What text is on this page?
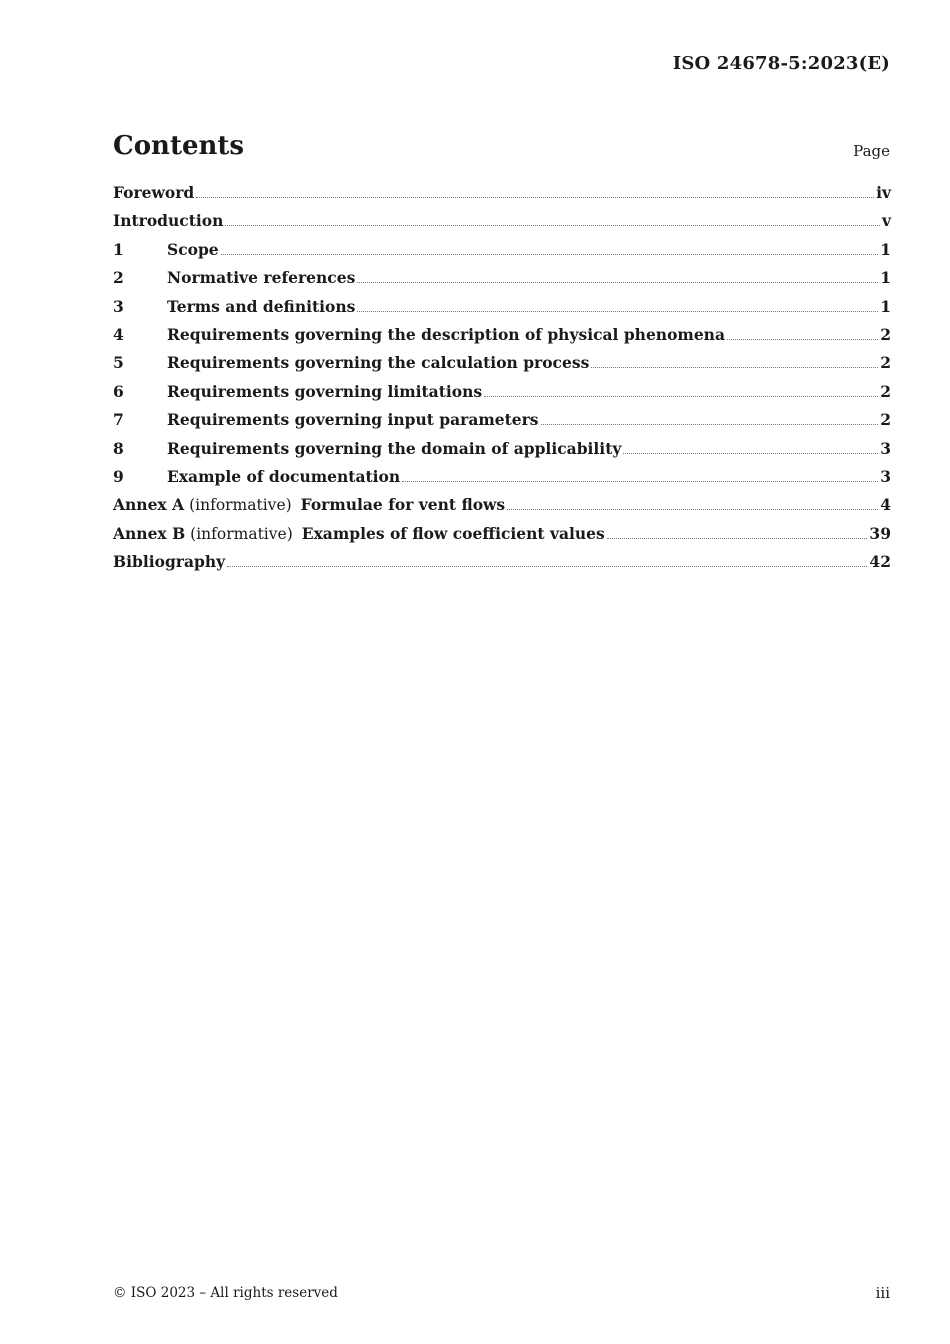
ISO 24678-5:2023(E)
Contents	Page
Foreword	iv
Introduction	v
1	Scope	1
2	Normative references	1
3	Terms and definitions	1
4	Requirements governing the description of physical phenomena	2
5	Requirements governing the calculation process	2
6	Requirements governing limitations	2
7	Requirements governing input parameters	2
8	Requirements governing the domain of applicability	3
9	Example of documentation	3
Annex A (informative) Formulae for vent flows	4
Annex B (informative) Examples of flow coefficient values	39
Bibliography	42
© ISO 2023 – All rights reserved	iii
